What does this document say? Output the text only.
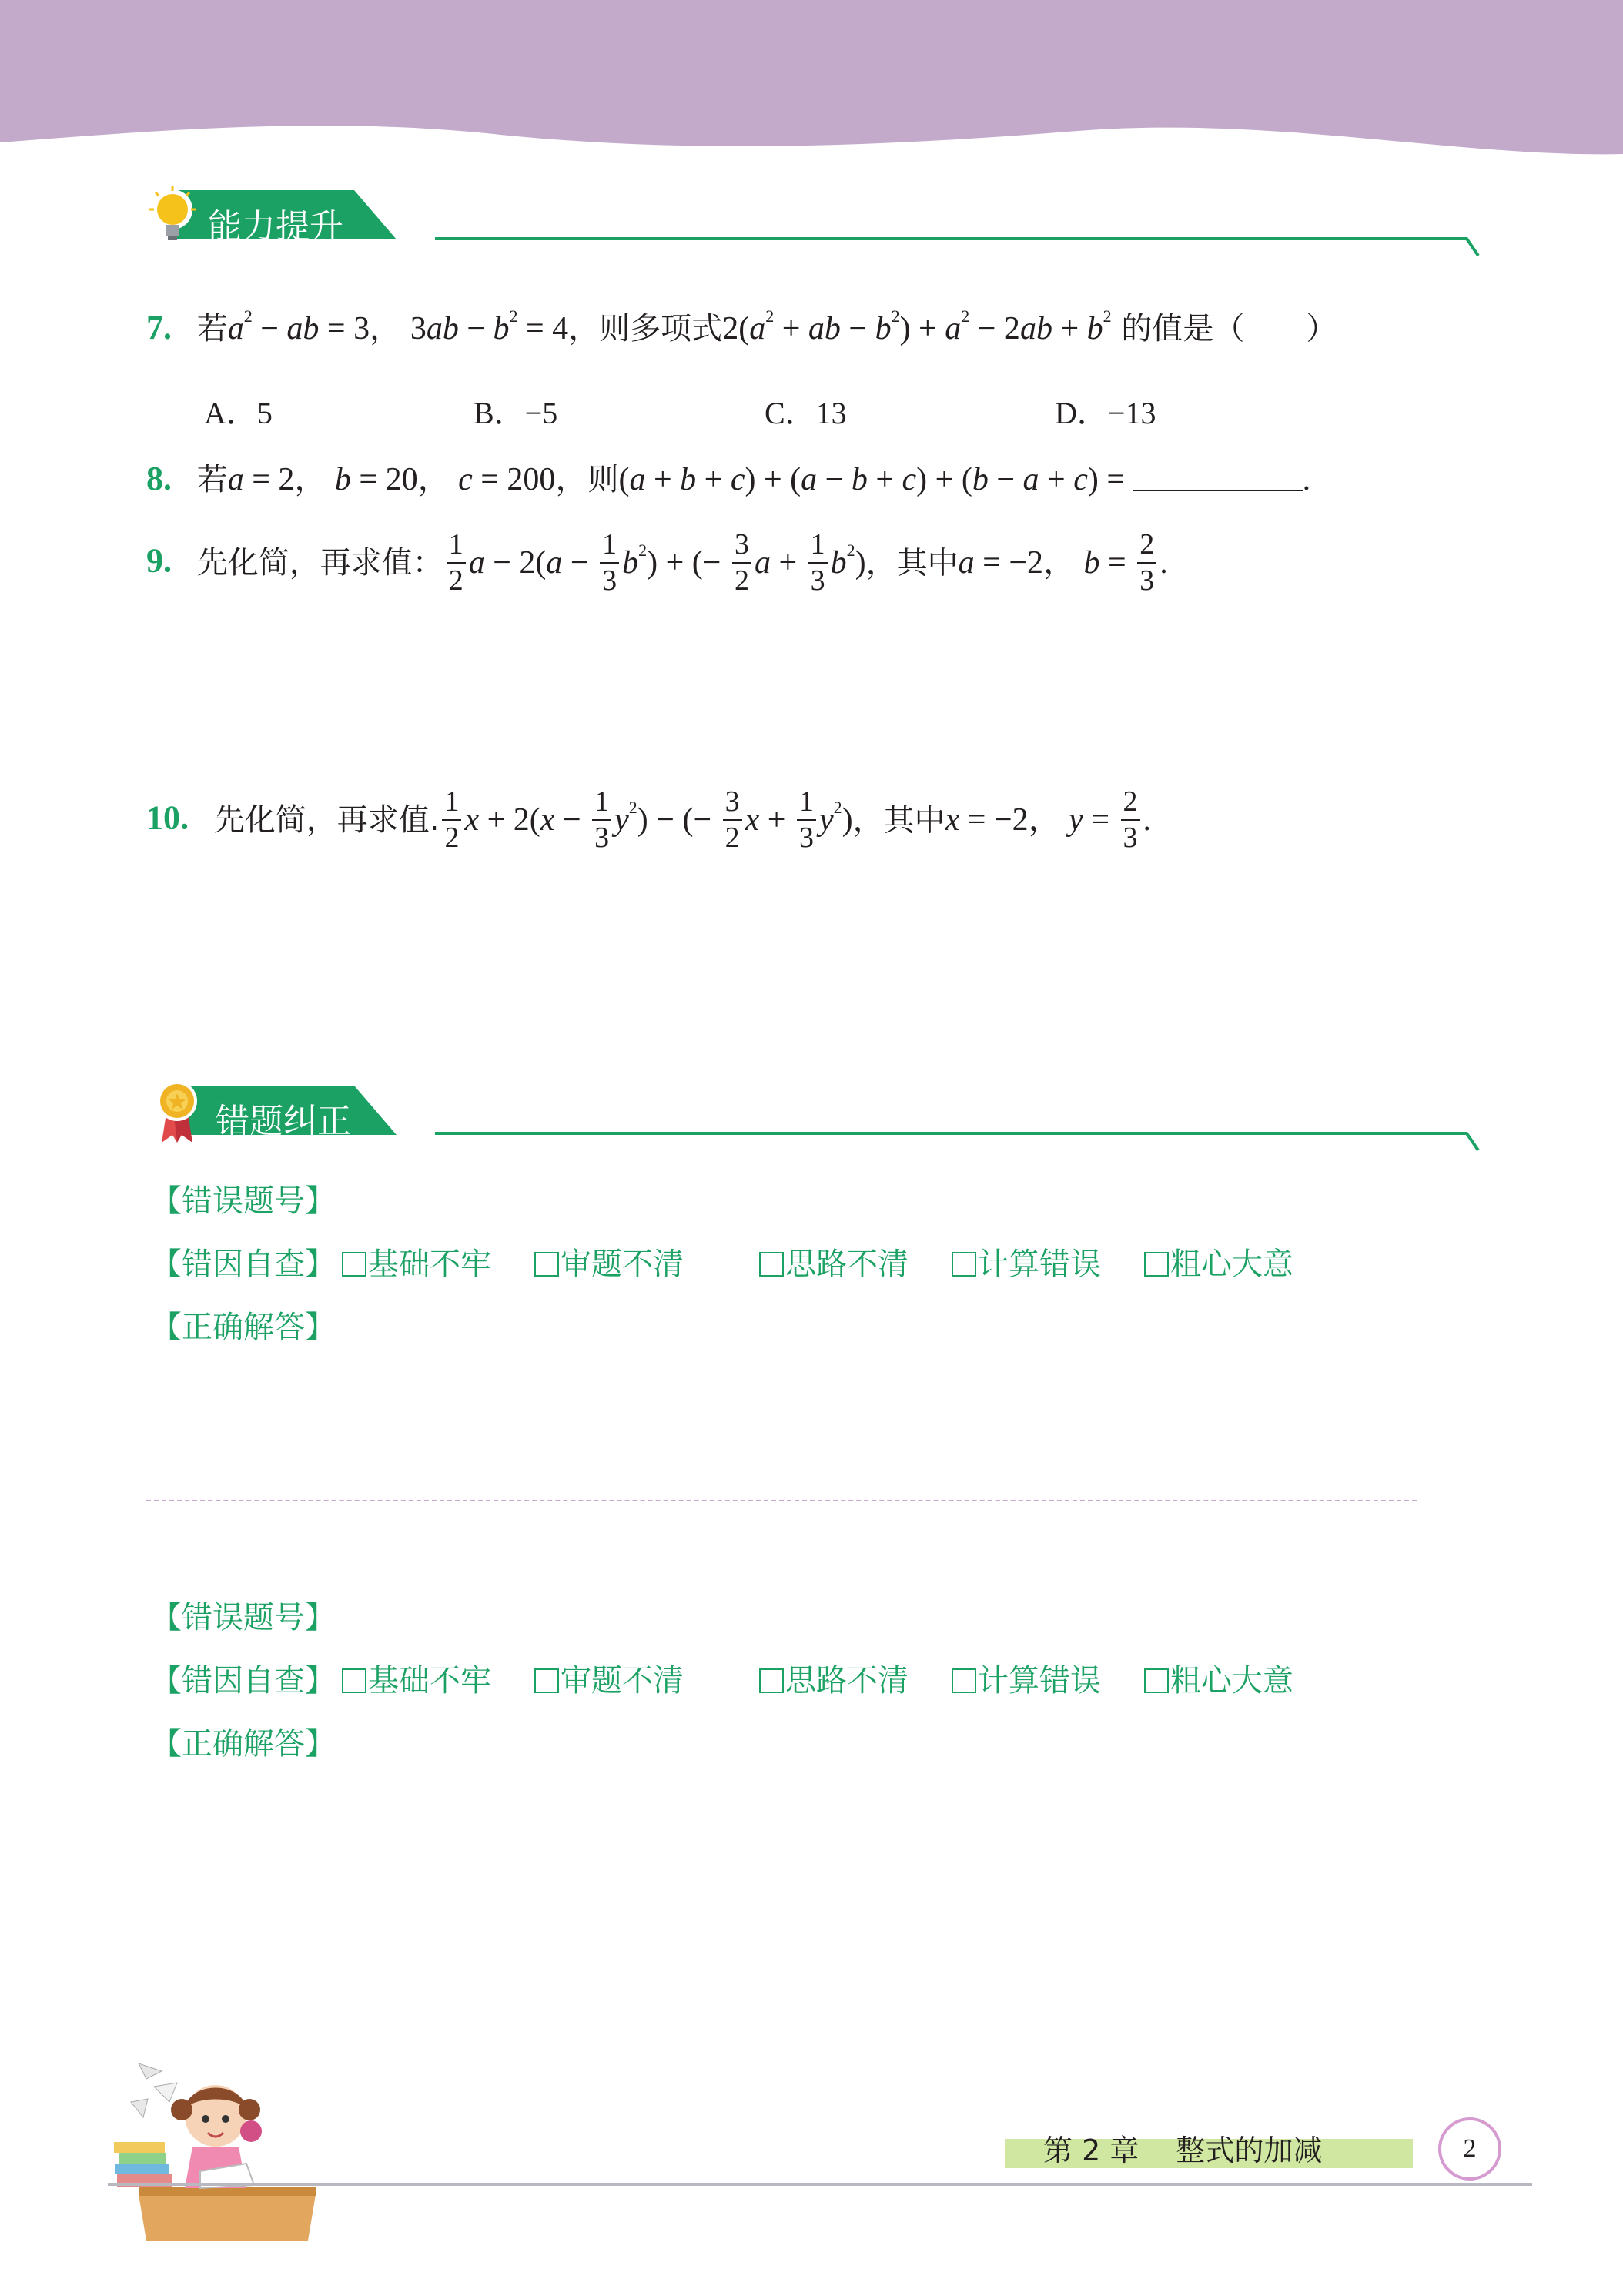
能力提升
7. 若$a^2$ − ab = 3， $3ab - b^2 = 4$，则多项式$2(a^2$ + ab − $b^2) + a^2 - 2ab + b^2$ 的值是（　　）
A．5	B．−5	C．13	D．−13
8. 若a = 2， b = 20， c = 200，则(a + b + c) + (a − b + c) + (b − a + c) =	.
9. 先化简，再求值： $\frac{1}{2}$ $a - 2(a - \frac{1}{3} b^2)$ + (− $\frac{3}{2}$ $a + \frac{1}{3} b^2$)，其中a = −2， $b = \frac{2}{3}$ .
10. 先化简，再求值. $\frac{1}{2}$ $x + 2(x - \frac{1}{3} y^2)$ − (− $\frac{3}{2}$ $x + \frac{1}{3} y^2$)，其中x = −2， $y = \frac{2}{3}$ .
错题纠正
【错误题号】
【错因自查】	基础不牢	审题不清	思路不清	计算错误	粗心大意
【正确解答】
【错误题号】
【错因自查】	基础不牢	审题不清	思路不清	计算错误	粗心大意
【正确解答】
第 2 章 整式的加减	2
